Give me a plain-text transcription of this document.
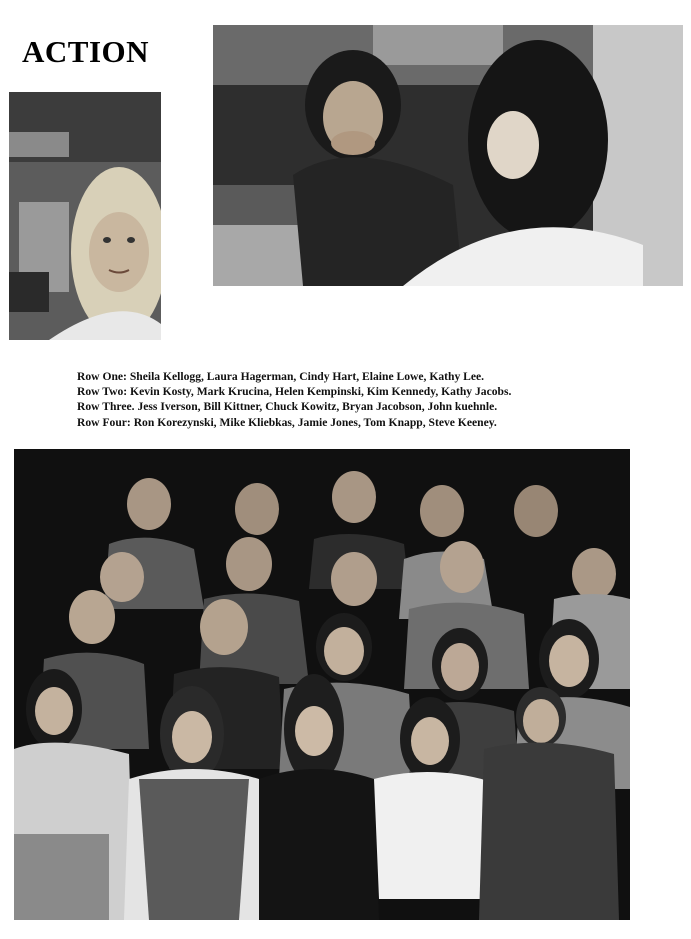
ACTION
Row One: Sheila Kellogg, Laura Hagerman, Cindy Hart, Elaine Lowe, Kathy Lee.
Row Two: Kevin Kosty, Mark Krucina, Helen Kempinski, Kim Kennedy, Kathy Jacobs.
Row Three. Jess Iverson, Bill Kittner, Chuck Kowitz, Bryan Jacobson, John kuehnle.
Row Four: Ron Korezynski, Mike Kliebkas, Jamie Jones, Tom Knapp, Steve Keeney.
